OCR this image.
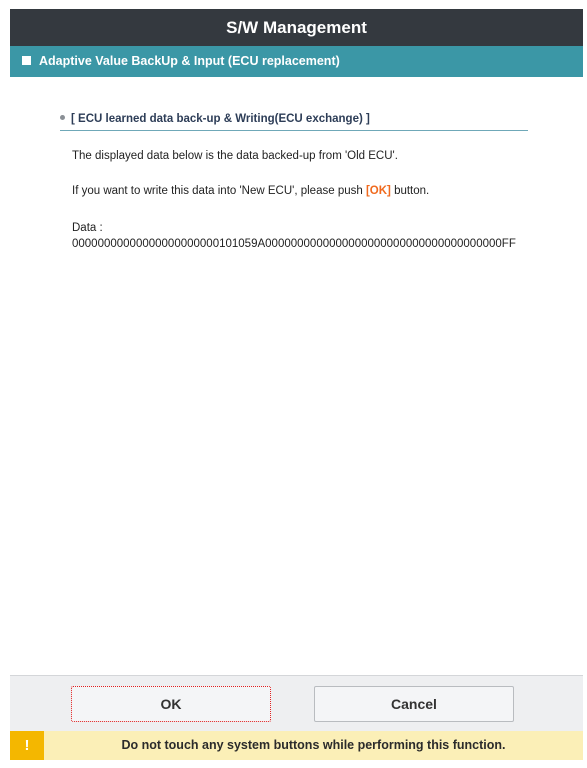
S/W Management
Adaptive Value BackUp & Input (ECU replacement)
[ ECU learned data back-up & Writing(ECU exchange) ]
The displayed data below is the data backed-up from 'Old ECU'.
If you want to write this data into 'New ECU', please push [OK] button.
Data :
00000000000000000000000101059A0000000000000000000000000000000000000FF
OK	Cancel
!	Do not touch any system buttons while performing this function.
